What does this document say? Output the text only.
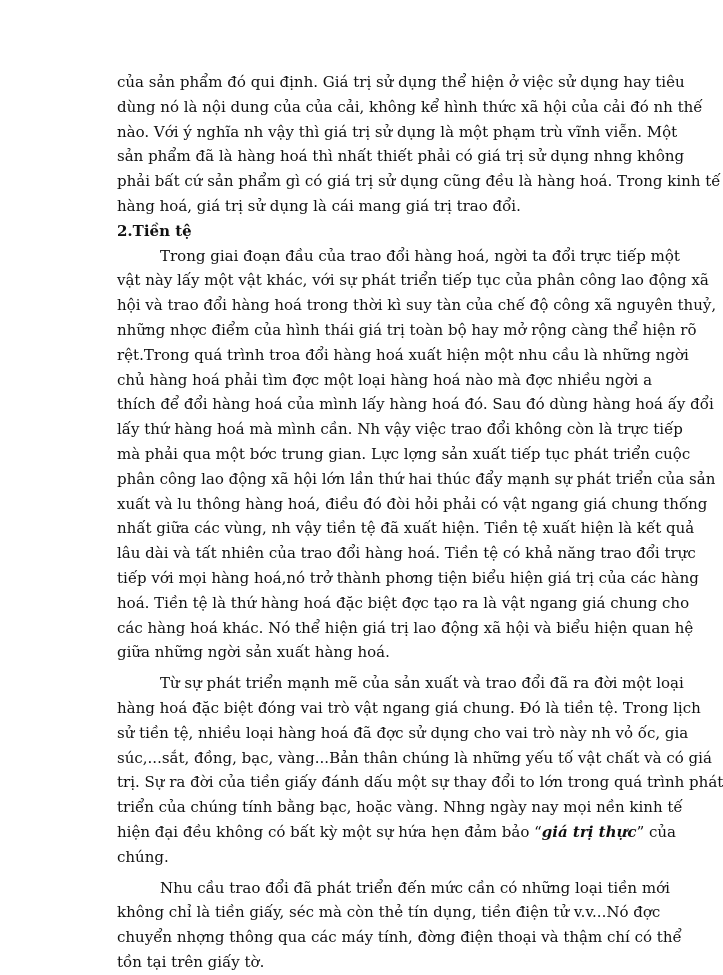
của sản phẩm đó qui định. Giá trị sử dụng thể hiện ở việc sử dụng hay tiêu
dùng nó là nội dung của của cải, không kể hình thức xã hội của cải đó nh thế
nào. Với ý nghĩa nh vậy thì giá trị sử dụng là một phạm trù vĩnh viễn. Một
sản phẩm đã là hàng hoá thì nhất thiết phải có giá trị sử dụng nhng không
phải bất cứ sản phẩm gì có giá trị sử dụng cũng đều là hàng hoá. Trong kinh tế
hàng hoá, giá trị sử dụng là cái mang giá trị trao đổi.
2.Tiền tệ
Trong giai đoạn đầu của trao đổi hàng hoá, ngời ta đổi trực tiếp một
vật này lấy một vật khác, với sự phát triển tiếp tục của phân công lao động xã
hội và trao đổi hàng hoá trong thời kì suy tàn của chế độ công xã nguyên thuỷ,
những nhợc điểm của hình thái giá trị toàn bộ hay mở rộng càng thể hiện rõ
rệt.Trong quá trình troa đổi hàng hoá xuất hiện một nhu cầu là những ngời
chủ hàng hoá phải tìm đợc một loại hàng hoá nào mà đợc nhiều ngời a
thích để đổi hàng hoá của mình lấy hàng hoá đó. Sau đó dùng hàng hoá ấy đổi
lấy thứ hàng hoá mà mình cần. Nh vậy việc trao đổi không còn là trực tiếp
mà phải qua một bớc trung gian. Lực lợng sản xuất tiếp tục phát triển cuộc
phân công lao động xã hội lớn lần thứ hai thúc đẩy mạnh sự phát triển của sản
xuất và lu thông hàng hoá, điều đó đòi hỏi phải có vật ngang giá chung thống
nhất giữa các vùng, nh vậy tiền tệ đã xuất hiện. Tiền tệ xuất hiện là kết quả
lâu dài và tất nhiên của trao đổi hàng hoá. Tiền tệ có khả năng trao đổi trực
tiếp với mọi hàng hoá,nó trở thành phơng tiện biểu hiện giá trị của các hàng
hoá. Tiền tệ là thứ hàng hoá đặc biệt đợc tạo ra là vật ngang giá chung cho
các hàng hoá khác. Nó thể hiện giá trị lao động xã hội và biểu hiện quan hệ
giữa những ngời sản xuất hàng hoá.
Từ sự phát triển mạnh mẽ của sản xuất và trao đổi đã ra đời một loại
hàng hoá đặc biệt đóng vai trò vật ngang giá chung. Đó là tiền tệ. Trong lịch
sử tiền tệ, nhiều loại hàng hoá đã đợc sử dụng cho vai trò này nh vỏ ốc, gia
súc,...sắt, đồng, bạc, vàng...Bản thân chúng là những yếu tố vật chất và có giá
trị. Sự ra đời của tiền giấy đánh dấu một sự thay đổi to lớn trong quá trình phát
triển của chúng tính bằng bạc, hoặc vàng. Nhng ngày nay mọi nền kinh tế
hiện đại đều không có bất kỳ một sự hứa hẹn đảm bảo “giá trị thực” của
chúng.
Nhu cầu trao đổi đã phát triển đến mức cần có những loại tiền mới
không chỉ là tiền giấy, séc mà còn thẻ tín dụng, tiền điện tử v.v...Nó đợc
chuyển nhợng thông qua các máy tính, đờng điện thoại và thậm chí có thể
tồn tại trên giấy tờ.
